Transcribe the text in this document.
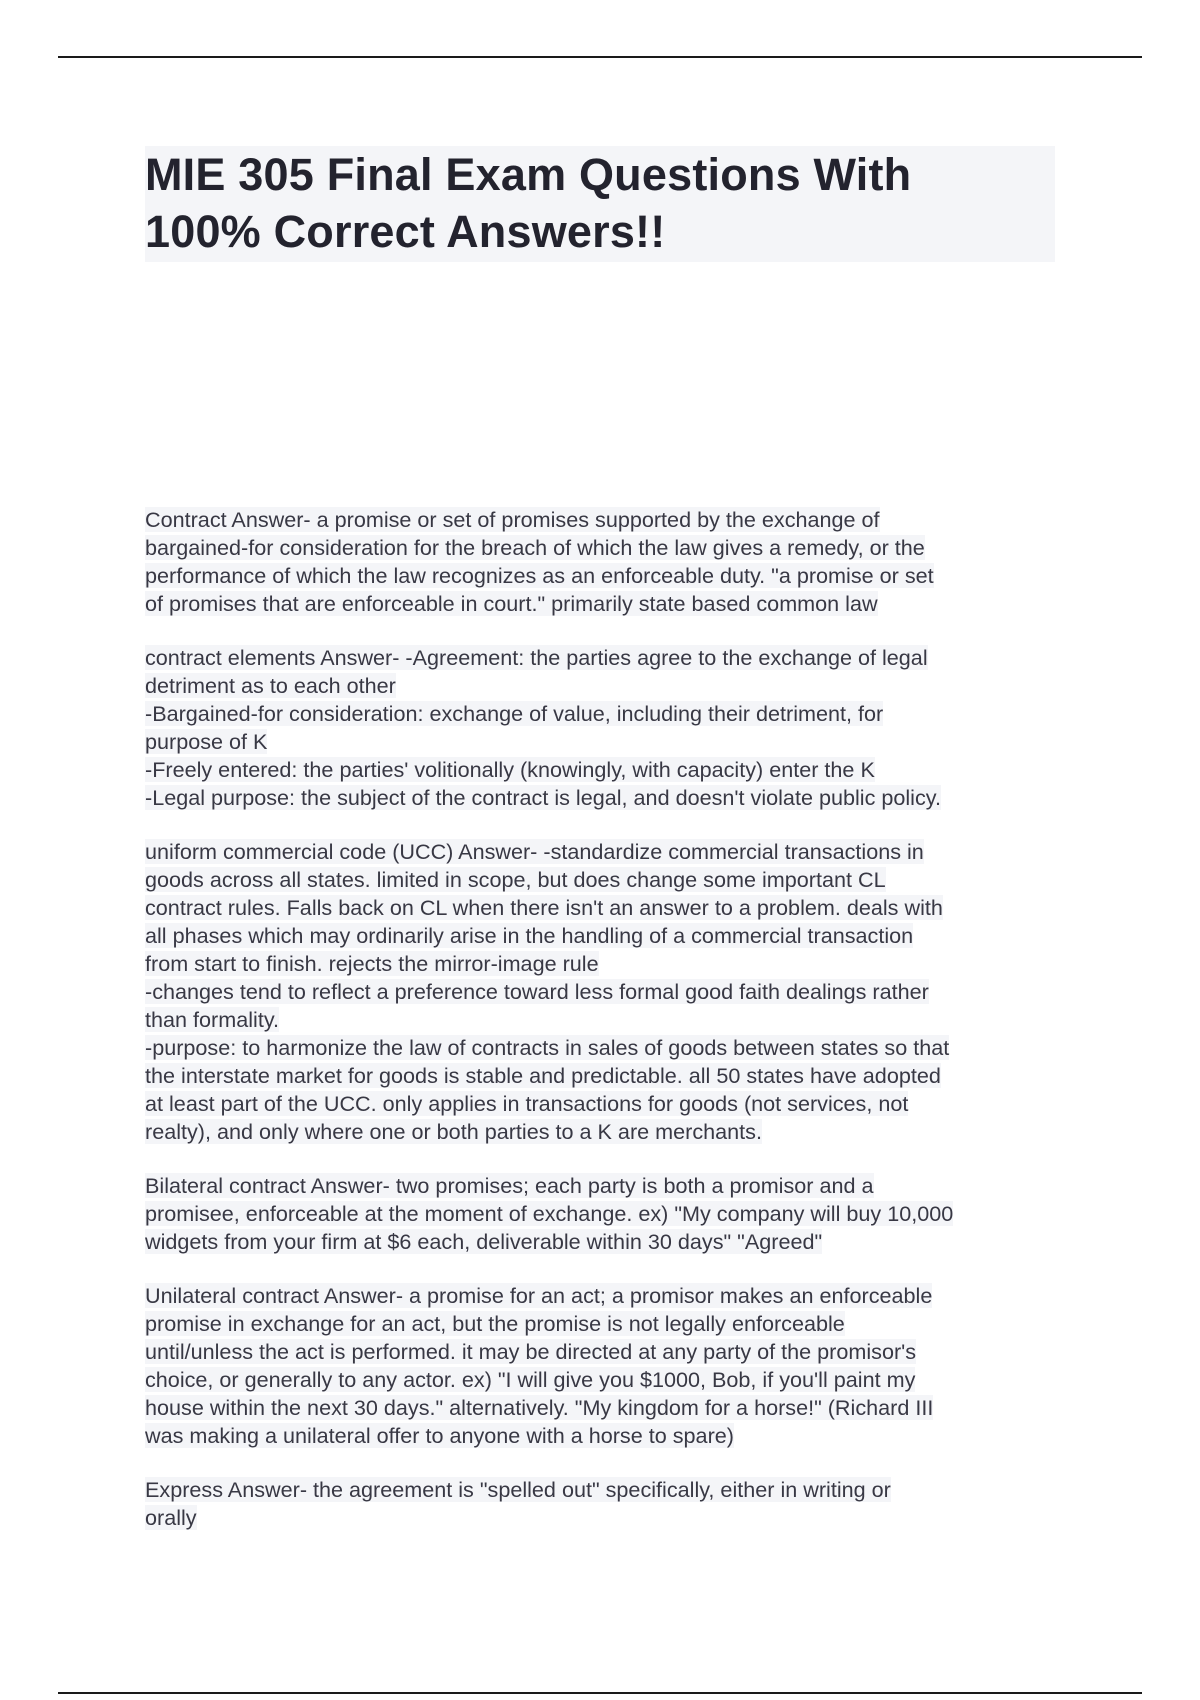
MIE 305 Final Exam Questions With
100% Correct Answers!!
Contract Answer- a promise or set of promises supported by the exchange of
bargained-for consideration for the breach of which the law gives a remedy, or the
performance of which the law recognizes as an enforceable duty. "a promise or set
of promises that are enforceable in court." primarily state based common law
contract elements Answer- -Agreement: the parties agree to the exchange of legal
detriment as to each other
-Bargained-for consideration: exchange of value, including their detriment, for
purpose of K
-Freely entered: the parties' volitionally (knowingly, with capacity) enter the K
-Legal purpose: the subject of the contract is legal, and doesn't violate public policy.
uniform commercial code (UCC) Answer- -standardize commercial transactions in
goods across all states. limited in scope, but does change some important CL
contract rules. Falls back on CL when there isn't an answer to a problem. deals with
all phases which may ordinarily arise in the handling of a commercial transaction
from start to finish. rejects the mirror-image rule
-changes tend to reflect a preference toward less formal good faith dealings rather
than formality.
-purpose: to harmonize the law of contracts in sales of goods between states so that
the interstate market for goods is stable and predictable. all 50 states have adopted
at least part of the UCC. only applies in transactions for goods (not services, not
realty), and only where one or both parties to a K are merchants.
Bilateral contract Answer- two promises; each party is both a promisor and a
promisee, enforceable at the moment of exchange. ex) "My company will buy 10,000
widgets from your firm at $6 each, deliverable within 30 days" "Agreed"
Unilateral contract Answer- a promise for an act; a promisor makes an enforceable
promise in exchange for an act, but the promise is not legally enforceable
until/unless the act is performed. it may be directed at any party of the promisor's
choice, or generally to any actor. ex) "I will give you $1000, Bob, if you'll paint my
house within the next 30 days." alternatively. "My kingdom for a horse!" (Richard III
was making a unilateral offer to anyone with a horse to spare)
Express Answer- the agreement is "spelled out" specifically, either in writing or
orally
